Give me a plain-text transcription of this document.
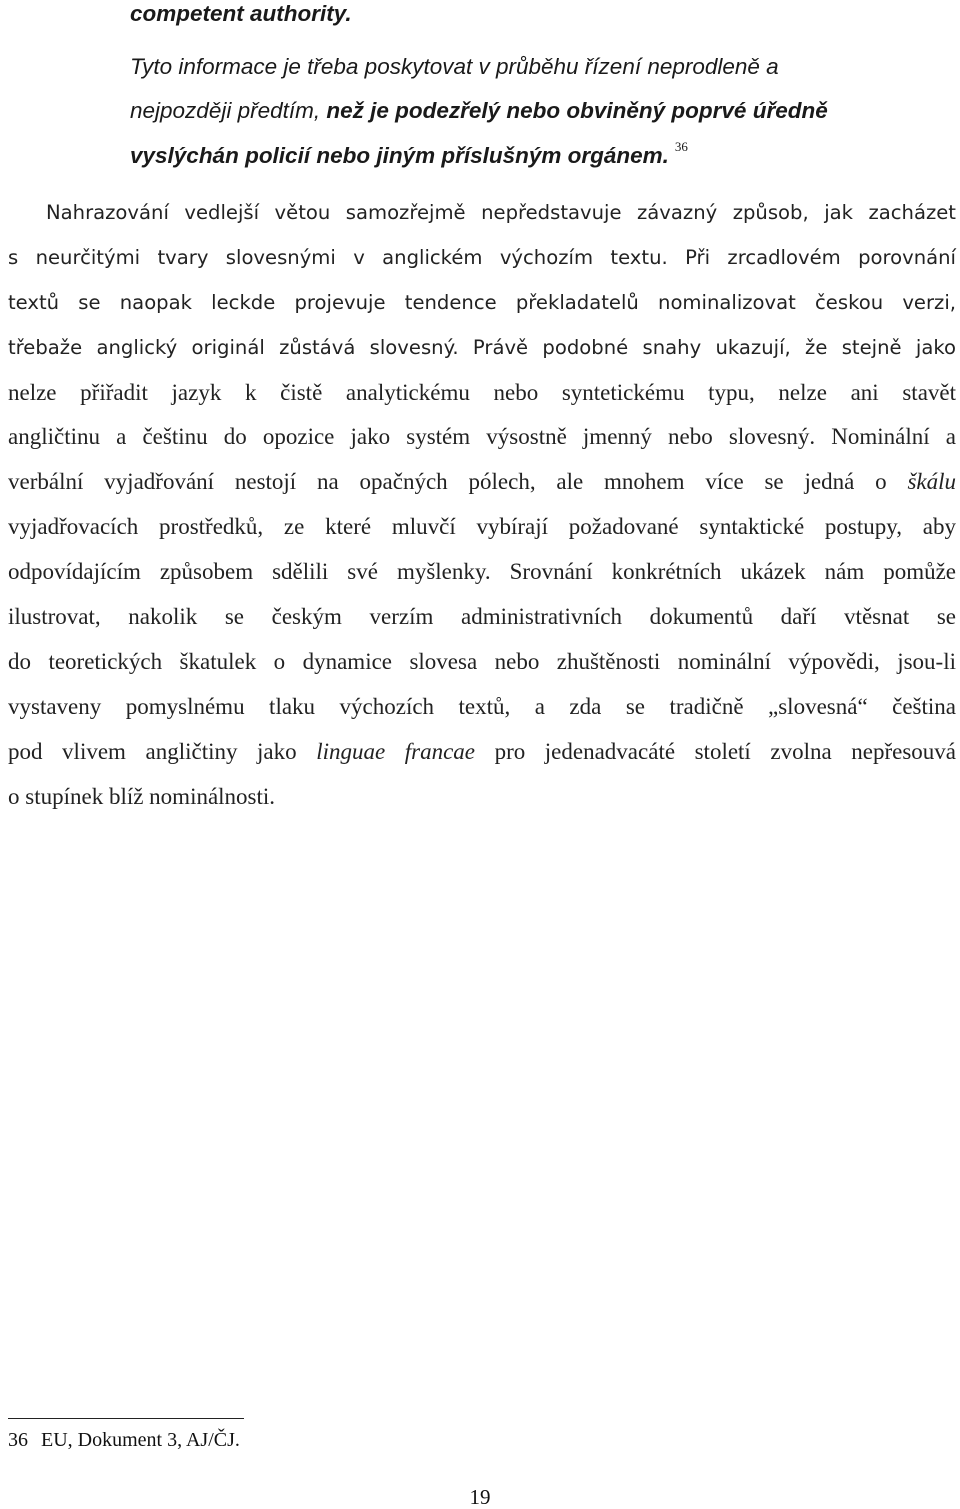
competent authority.
Tyto informace je třeba poskytovat v průběhu řízení neprodleně a
nejpozději předtím, než je podezřelý nebo obviněný poprvé úředně
vyslýchán policií nebo jiným příslušným orgánem. $^{36}$
Nahrazování vedlejší větou samozřejmě nepředstavuje závazný způsob, jak zacházet
s neurčitými tvary slovesnými v anglickém výchozím textu. Při zrcadlovém porovnání
textů se naopak leckde projevuje tendence překladatelů nominalizovat českou verzi,
třebaže anglický originál zůstává slovesný. Právě podobné snahy ukazují, že stejně jako
nelze přiřadit jazyk k čistě analytickému nebo syntetickému typu, nelze ani stavět
angličtinu a češtinu do opozice jako systém výsostně jmenný nebo slovesný. Nominální a
verbální vyjadřování nestojí na opačných pólech, ale mnohem více se jedná o škálu
vyjadřovacích prostředků, ze které mluvčí vybírají požadované syntaktické postupy, aby
odpovídajícím způsobem sdělili své myšlenky. Srovnání konkrétních ukázek nám pomůže
ilustrovat, nakolik se českým verzím administrativních dokumentů daří vtěsnat se
do teoretických škatulek o dynamice slovesa nebo zhuštěnosti nominální výpovědi, jsou-li
vystaveny pomyslnému tlaku výchozích textů, a zda se tradičně „slovesná“ čeština
pod vlivem angličtiny jako linguae francae pro jedenadvacáté století zvolna nepřesouvá
o stupínek blíž nominálnosti.
36 EU, Dokument 3, AJ/ČJ.
19
